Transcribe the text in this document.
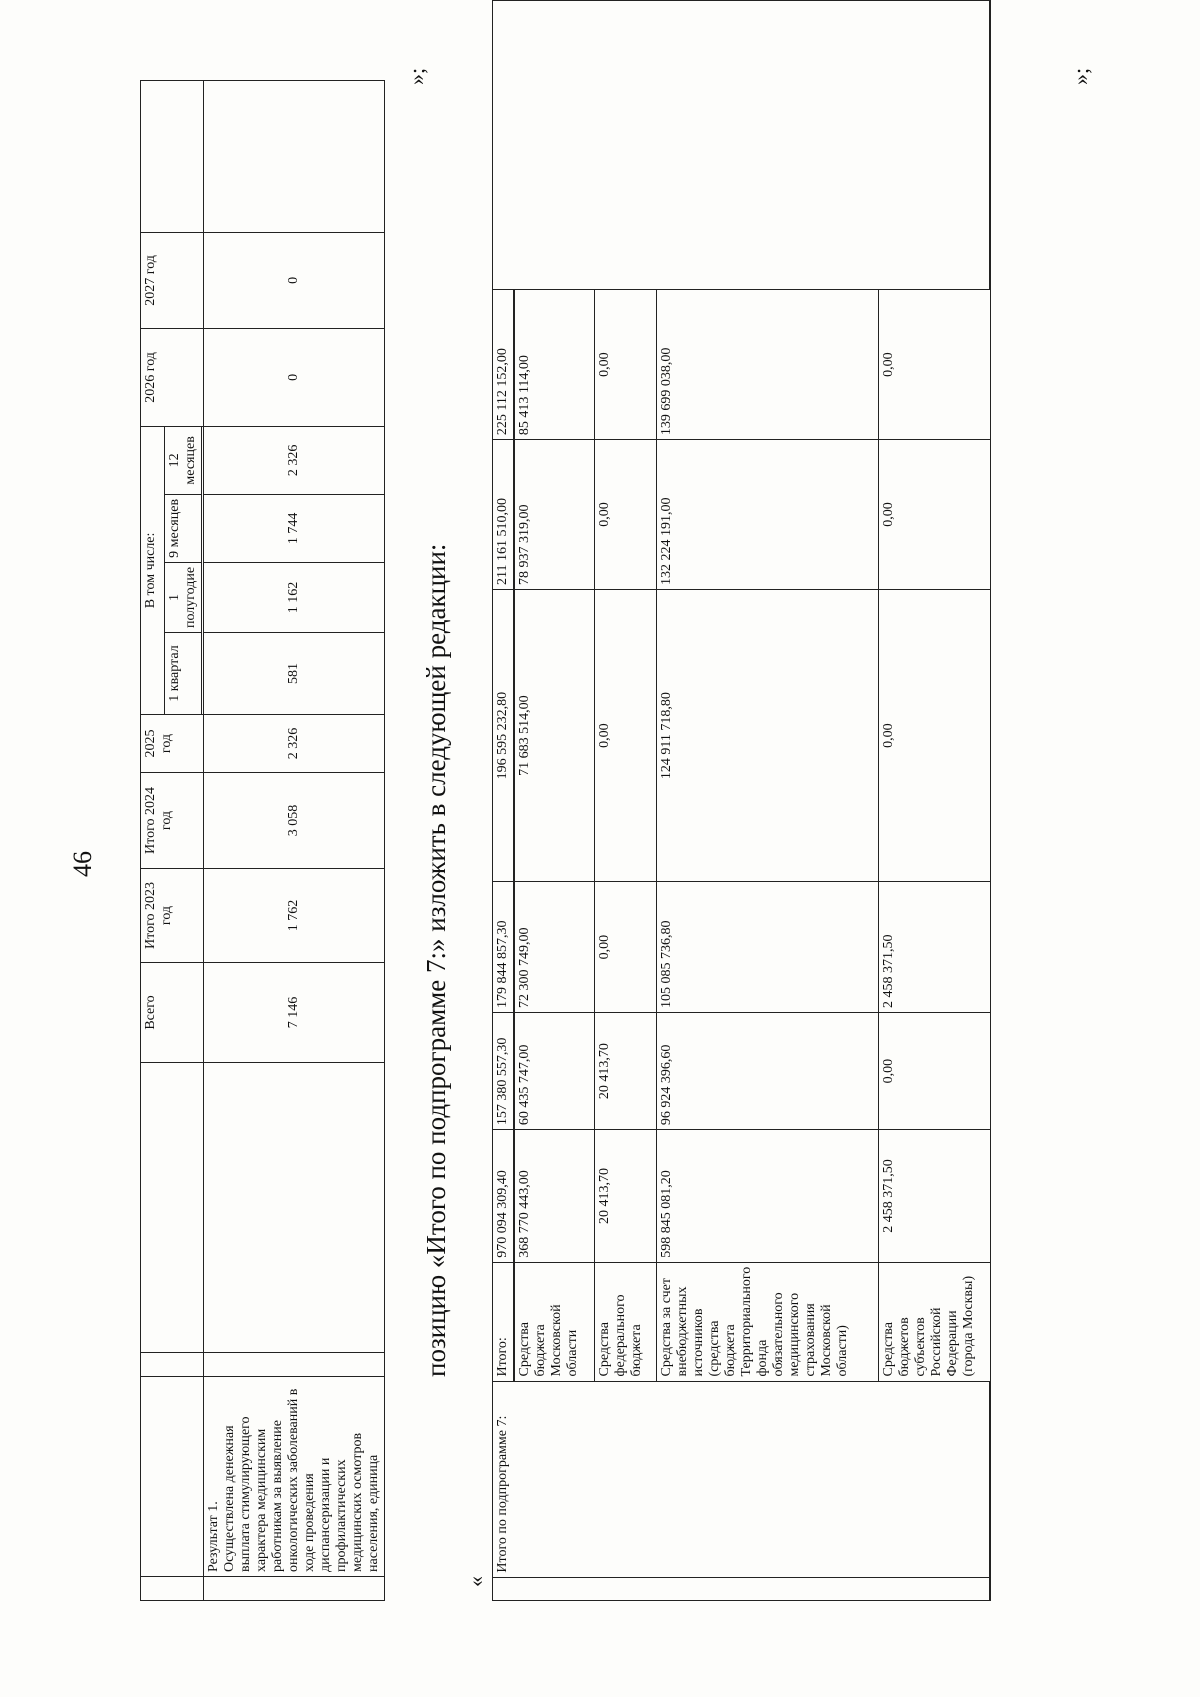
46
				Всего	Итого 2023 год	Итого 2024 год	2025 год	В том числе:				2026 год	2027 год	
								1 квартал	1 полугодие	9 месяцев	12 месяцев			

	Результат 1. Осуществлена денежная выплата стимулирующего характера медицинским работникам за выявление онкологических заболеваний в ходе проведения диспансеризации и профилактических медицинских осмотров населения, единица			7 146	1 762	3 058	2 326	581	1 162	1 744	2 326	0	0	
»;
позицию «Итого по подпрограмме 7:» изложить в следующей редакции:
«
	Итого по подпрограмме 7:	Итого:	970 094 309,40	157 380 557,30	179 844 857,30	196 595 232,80	211 161 510,00	225 112 152,00	
		Средства бюджета Московской области	368 770 443,00	60 435 747,00	72 300 749,00	71 683 514,00	78 937 319,00	85 413 114,00	
		Средства федерального бюджета	20 413,70	20 413,70	0,00	0,00	0,00	0,00	
		Средства за счет внебюджетных источников (средства бюджета Территориального фонда обязательного медицинского страхования Московской области)	598 845 081,20	96 924 396,60	105 085 736,80	124 911 718,80	132 224 191,00	139 699 038,00	
		Средства бюджетов субъектов Российской Федерации (города Москвы)	2 458 371,50	0,00	2 458 371,50	0,00	0,00	0,00	
»;
